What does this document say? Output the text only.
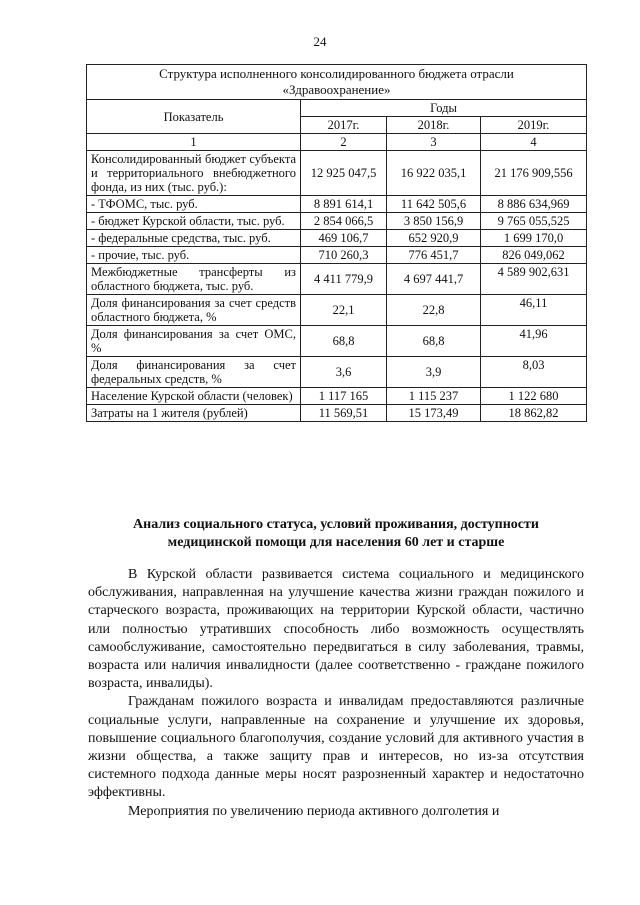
24
Структура исполненного консолидированного бюджета отрасли
«Здравоохранение»			
Показатель	Годы		
	2017г.	2018г.	2019г.
1	2	3	4
Консолидированный бюджет субъекта и территориального внебюджетного фонда, из них (тыс. руб.):	12 925 047,5	16 922 035,1	21 176 909,556
- ТФОМС, тыс. руб.	8 891 614,1	11 642 505,6	8 886 634,969
- бюджет Курской области, тыс. руб.	2 854 066,5	3 850 156,9	9 765 055,525
- федеральные средства, тыс. руб.	469 106,7	652 920,9	1 699 170,0
- прочие, тыс. руб.	710 260,3	776 451,7	826 049,062
Межбюджетные трансферты из областного бюджета, тыс. руб.	4 411 779,9	4 697 441,7	4 589 902,631
Доля финансирования за счет средств областного бюджета, %	22,1	22,8	46,11
Доля финансирования за счет ОМС, %	68,8	68,8	41,96
Доля финансирования за счет федеральных средств, %	3,6	3,9	8,03
Население Курской области (человек)	1 117 165	1 115 237	1 122 680
Затраты на 1 жителя (рублей)	11 569,51	15 173,49	18 862,82
Анализ социального статуса, условий проживания, доступности
медицинской помощи для населения 60 лет и старше

В Курской области развивается система социального и медицинского обслуживания, направленная на улучшение качества жизни граждан пожилого и старческого возраста, проживающих на территории Курской области, частично или полностью утративших способность либо возможность осуществлять самообслуживание, самостоятельно передвигаться в силу заболевания, травмы, возраста или наличия инвалидности (далее соответственно - граждане пожилого возраста, инвалиды).

Гражданам пожилого возраста и инвалидам предоставляются различные социальные услуги, направленные на сохранение и улучшение их здоровья, повышение социального благополучия, создание условий для активного участия в жизни общества, а также защиту прав и интересов, но из-за отсутствия системного подхода данные меры носят разрозненный характер и недостаточно эффективны.

Мероприятия по увеличению периода активного долголетия и
